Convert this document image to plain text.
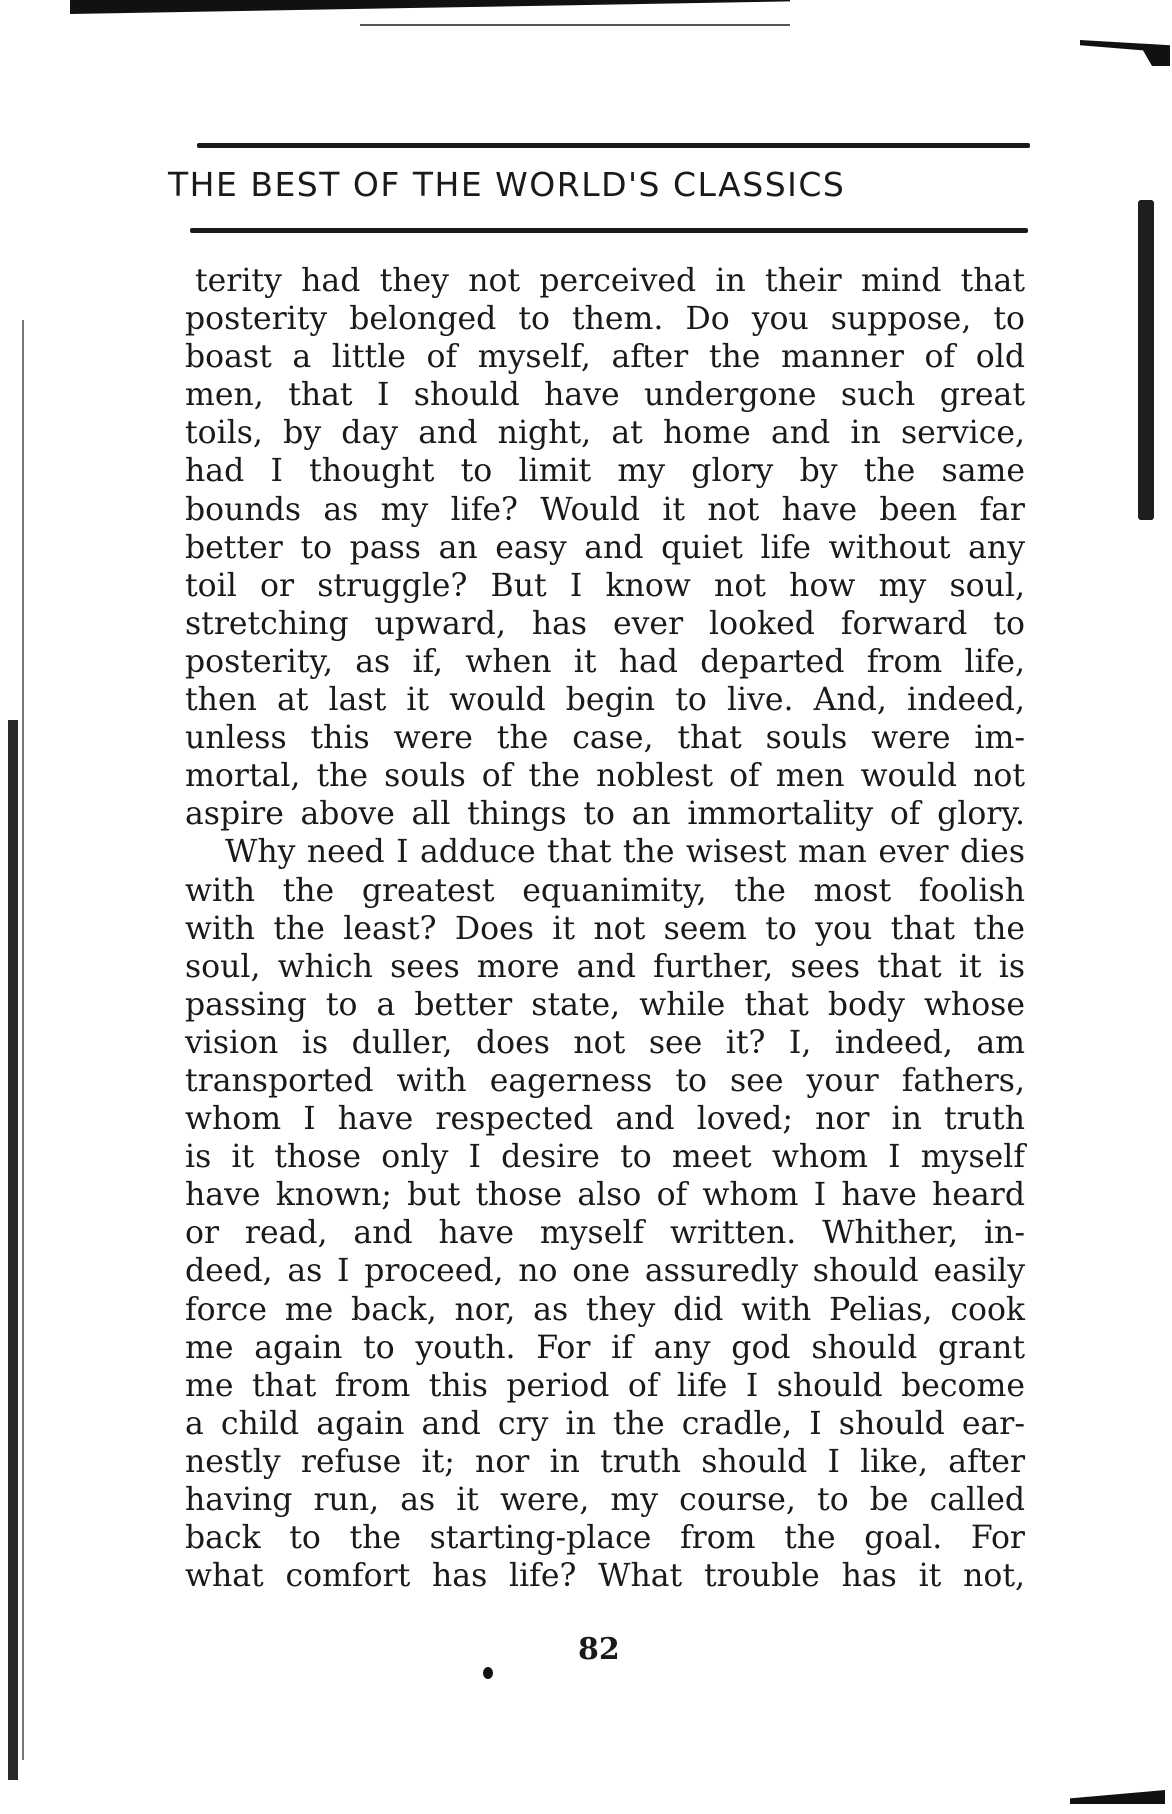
THE BEST OF THE WORLD'S CLASSICS
terity had they not perceived in their mind that
posterity belonged to them. Do you suppose, to
boast a little of myself, after the manner of old
men, that I should have undergone such great
toils, by day and night, at home and in service,
had I thought to limit my glory by the same
bounds as my life? Would it not have been far
better to pass an easy and quiet life without any
toil or struggle? But I know not how my soul,
stretching upward, has ever looked forward to
posterity, as if, when it had departed from life,
then at last it would begin to live. And, indeed,
unless this were the case, that souls were im-
mortal, the souls of the noblest of men would not
aspire above all things to an immortality of glory.
Why need I adduce that the wisest man ever dies
with the greatest equanimity, the most foolish
with the least? Does it not seem to you that the
soul, which sees more and further, sees that it is
passing to a better state, while that body whose
vision is duller, does not see it? I, indeed, am
transported with eagerness to see your fathers,
whom I have respected and loved; nor in truth
is it those only I desire to meet whom I myself
have known; but those also of whom I have heard
or read, and have myself written. Whither, in-
deed, as I proceed, no one assuredly should easily
force me back, nor, as they did with Pelias, cook
me again to youth. For if any god should grant
me that from this period of life I should become
a child again and cry in the cradle, I should ear-
nestly refuse it; nor in truth should I like, after
having run, as it were, my course, to be called
back to the starting-place from the goal. For
what comfort has life? What trouble has it not,
82
